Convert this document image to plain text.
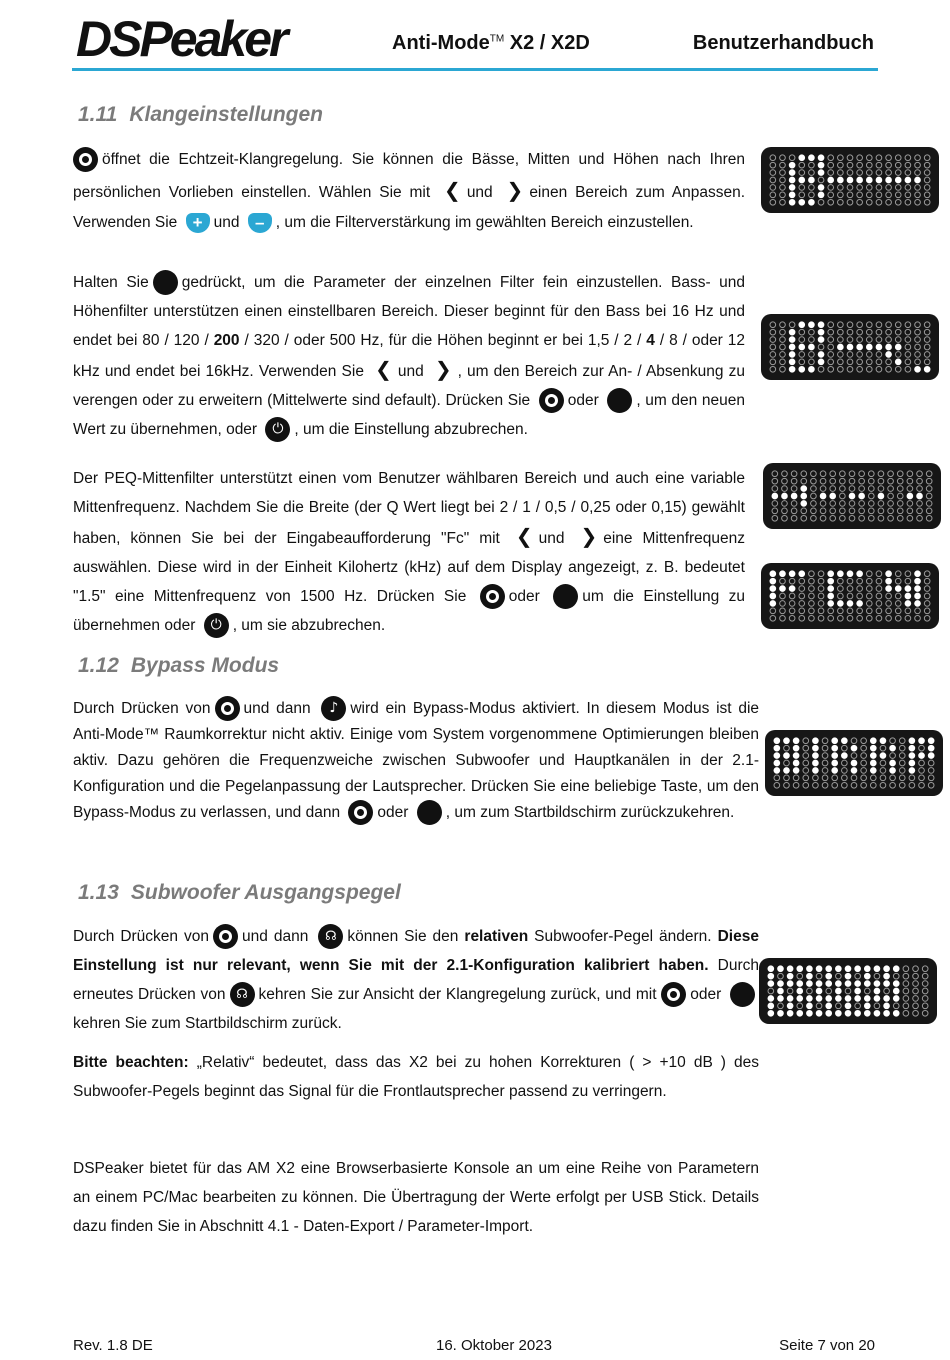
DSPeaker	Anti-Mode™ X2 / X2D	Benutzerhandbuch
1.11 Klangeinstellungen
öffnet die Echtzeit-Klangregelung. Sie können die Bässe, Mitten und Höhen nach Ihren persönlichen Vorlieben einstellen. Wählen Sie mit ❮ und ❯ einen Bereich zum Anpassen. Verwenden Sie + und – , um die Filterverstärkung im gewählten Bereich einzustellen.
Halten Sie gedrückt, um die Parameter der einzelnen Filter fein einzustellen. Bass- und Höhenfilter unterstützen einen einstellbaren Bereich. Dieser beginnt für den Bass bei 16 Hz und endet bei 80 / 120 / 200 / 320 / oder 500 Hz, für die Höhen beginnt er bei 1,5 / 2 / 4 / 8 / oder 12 kHz und endet bei 16kHz. Verwenden Sie ❮ und ❯ , um den Bereich zur An- / Absenkung zu verengen oder zu erweitern (Mittelwerte sind default). Drücken Sie oder , um den neuen Wert zu übernehmen, oder ⏻ , um die Einstellung abzubrechen.
Der PEQ-Mittenfilter unterstützt einen vom Benutzer wählbaren Bereich und auch eine variable Mittenfrequenz. Nachdem Sie die Breite (der Q Wert liegt bei 2 / 1 / 0,5 / 0,25 oder 0,15) gewählt haben, können Sie bei der Eingabeaufforderung "Fc" mit ❮ und ❯ eine Mittenfrequenz auswählen. Diese wird in der Einheit Kilohertz (kHz) auf dem Display angezeigt, z. B. bedeutet "1.5" eine Mittenfrequenz von 1500 Hz. Drücken Sie	oder	um die Einstellung zu übernehmen oder ⏻ , um sie abzubrechen.
1.12 Bypass Modus
Durch Drücken von und dann ♪	wird ein Bypass-Modus aktiviert. In diesem Modus ist die Anti-Mode™ Raumkorrektur nicht aktiv. Einige vom System vorgenommene Optimierungen bleiben aktiv. Dazu gehören die Frequenzweiche zwischen Subwoofer und Hauptkanälen in der 2.1-Konfiguration und die Pegelanpassung der Lautsprecher. Drücken Sie eine beliebige Taste, um den Bypass-Modus zu verlassen, und dann oder , um zum Startbildschirm zurückzukehren.
1.13 Subwoofer Ausgangspegel
Durch Drücken von und dann ☊	können Sie den relativen Subwoofer-Pegel ändern. Diese Einstellung ist nur relevant, wenn Sie mit der 2.1-Konfiguration kalibriert haben. Durch erneutes Drücken von ☊ kehren Sie zur Ansicht der Klangregelung zurück, und mit oder kehren Sie zum Startbildschirm zurück.
Bitte beachten: „Relativ“ bedeutet, dass das X2 bei zu hohen Korrekturen ( > +10 dB ) des Subwoofer-Pegels beginnt das Signal für die Frontlautsprecher passend zu verringern.
DSPeaker bietet für das AM X2 eine Browserbasierte Konsole an um eine Reihe von Parametern an einem PC/Mac bearbeiten zu können. Die Übertragung der Werte erfolgt per USB Stick. Details dazu finden Sie in Abschnitt 4.1 - Daten-Export / Parameter-Import.
Rev. 1.8 DE	16. Oktober 2023	Seite 7 von 20
